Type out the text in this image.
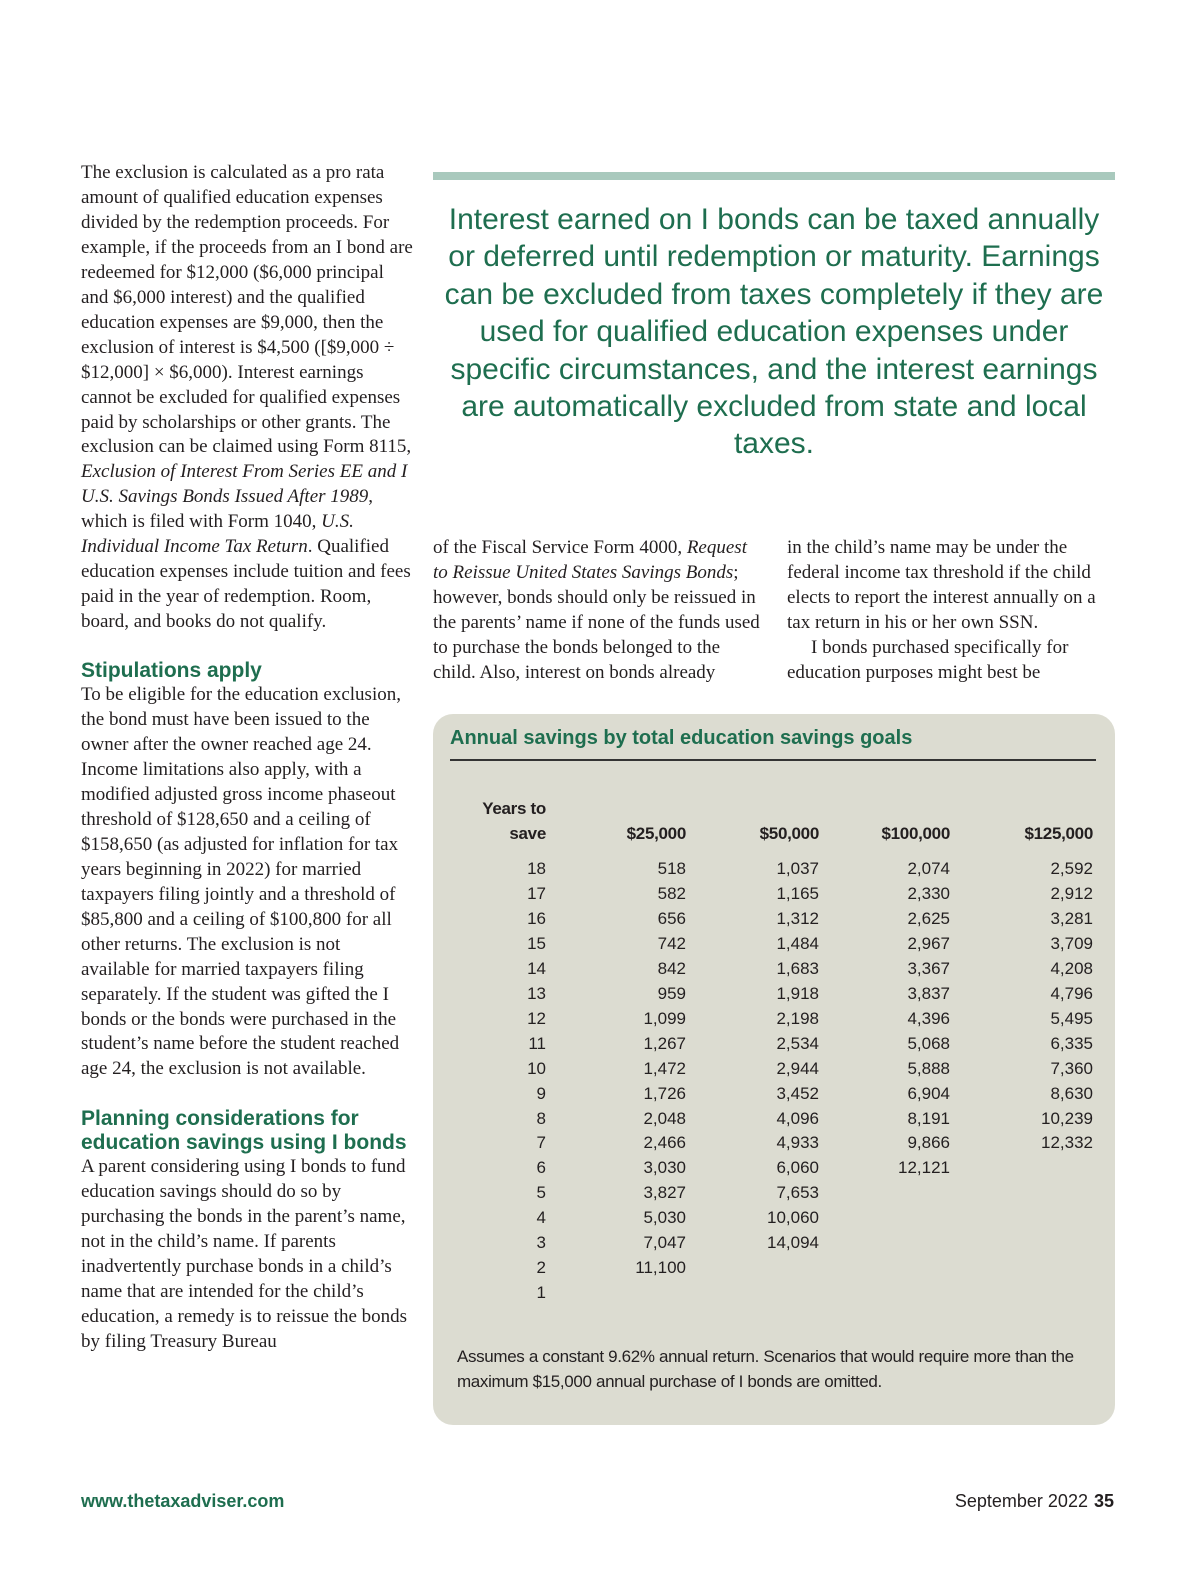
The exclusion is calculated as a pro rata amount of qualified education expenses divided by the redemption proceeds. For example, if the proceeds from an I bond are redeemed for $12,000 ($6,000 principal and $6,000 interest) and the qualified education expenses are $9,000, then the exclusion of interest is $4,500 ([$9,000 ÷ $12,000] × $6,000). Interest earnings cannot be excluded for qualified expenses paid by scholarships or other grants. The exclusion can be claimed using Form 8115, Exclusion of Interest From Series EE and I U.S. Savings Bonds Issued After 1989, which is filed with Form 1040, U.S. Individual Income Tax Return. Qualified education expenses include tuition and fees paid in the year of redemption. Room, board, and books do not qualify.

Stipulations apply

To be eligible for the education exclusion, the bond must have been issued to the owner after the owner reached age 24. Income limitations also apply, with a modified adjusted gross income phaseout threshold of $128,650 and a ceiling of $158,650 (as adjusted for inflation for tax years beginning in 2022) for married taxpayers filing jointly and a threshold of $85,800 and a ceiling of $100,800 for all other returns. The exclusion is not available for married taxpayers filing separately. If the student was gifted the I bonds or the bonds were purchased in the student’s name before the student reached age 24, the exclusion is not available.

Planning considerations for education savings using I bonds

A parent considering using I bonds to fund education savings should do so by purchasing the bonds in the parent’s name, not in the child’s name. If parents inadvertently purchase bonds in a child’s name that are intended for the child’s education, a remedy is to reissue the bonds by filing Treasury Bureau

Interest earned on I bonds can be taxed annually or deferred until redemption or maturity. Earnings can be excluded from taxes completely if they are used for qualified education expenses under specific circumstances, and the interest earnings are automatically excluded from state and local taxes.

of the Fiscal Service Form 4000, Request to Reissue United States Savings Bonds; however, bonds should only be reissued in the parents’ name if none of the funds used to purchase the bonds belonged to the child. Also, interest on bonds already

in the child’s name may be under the federal income tax threshold if the child elects to report the interest annually on a tax return in his or her own SSN.
I bonds purchased specifically for education purposes might best be
Annual savings by total education savings goals
Years to save	$25,000	$50,000	$100,000	$125,000
18	518	1,037	2,074	2,592
17	582	1,165	2,330	2,912
16	656	1,312	2,625	3,281
15	742	1,484	2,967	3,709
14	842	1,683	3,367	4,208
13	959	1,918	3,837	4,796
12	1,099	2,198	4,396	5,495
11	1,267	2,534	5,068	6,335
10	1,472	2,944	5,888	7,360
9	1,726	3,452	6,904	8,630
8	2,048	4,096	8,191	10,239
7	2,466	4,933	9,866	12,332
6	3,030	6,060	12,121	
5	3,827	7,653		
4	5,030	10,060		
3	7,047	14,094		
2	11,100			
1				

Assumes a constant 9.62% annual return. Scenarios that would require more than the maximum $15,000 annual purchase of I bonds are omitted.

www.thetaxadviser.com	September 2022 35
